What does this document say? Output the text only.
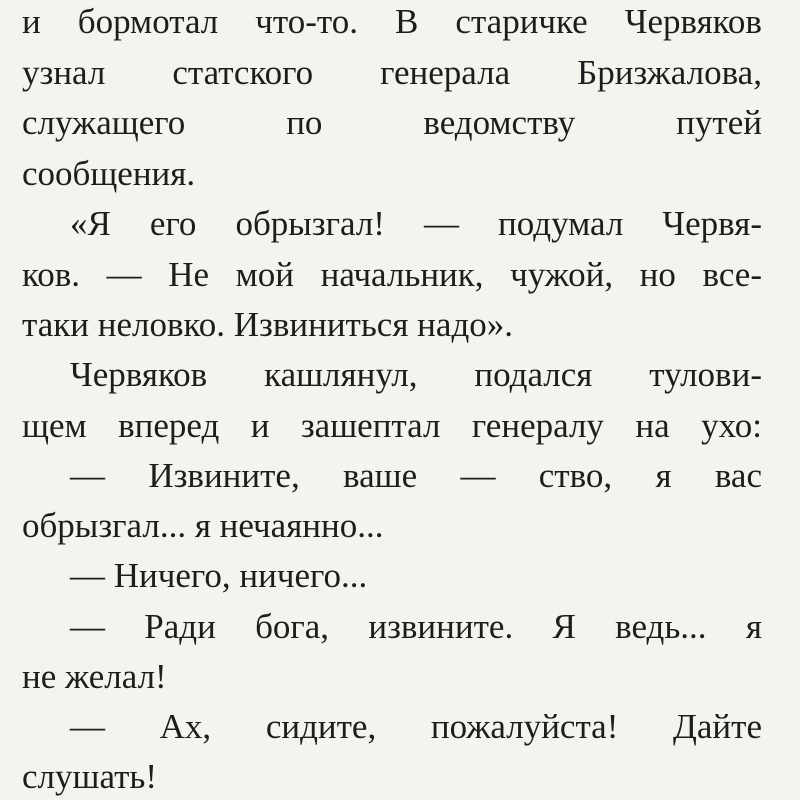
и бормотал что-то. В старичке Червяков
узнал статского генерала Бризжалова,
служащего	по	ведомству	путей
сообщения.
«Я его обрызгал! — подумал Червя-
ков. — Не мой начальник, чужой, но все-
таки неловко. Извиниться надо».
Червяков кашлянул, подался тулови-
щем вперед и зашептал генералу на ухо:
— Извините, ваше — ство, я вас
обрызгал... я нечаянно...
— Ничего, ничего...
— Ради бога, извините. Я ведь... я
не желал!
— Ах, сидите, пожалуйста! Дайте
слушать!
